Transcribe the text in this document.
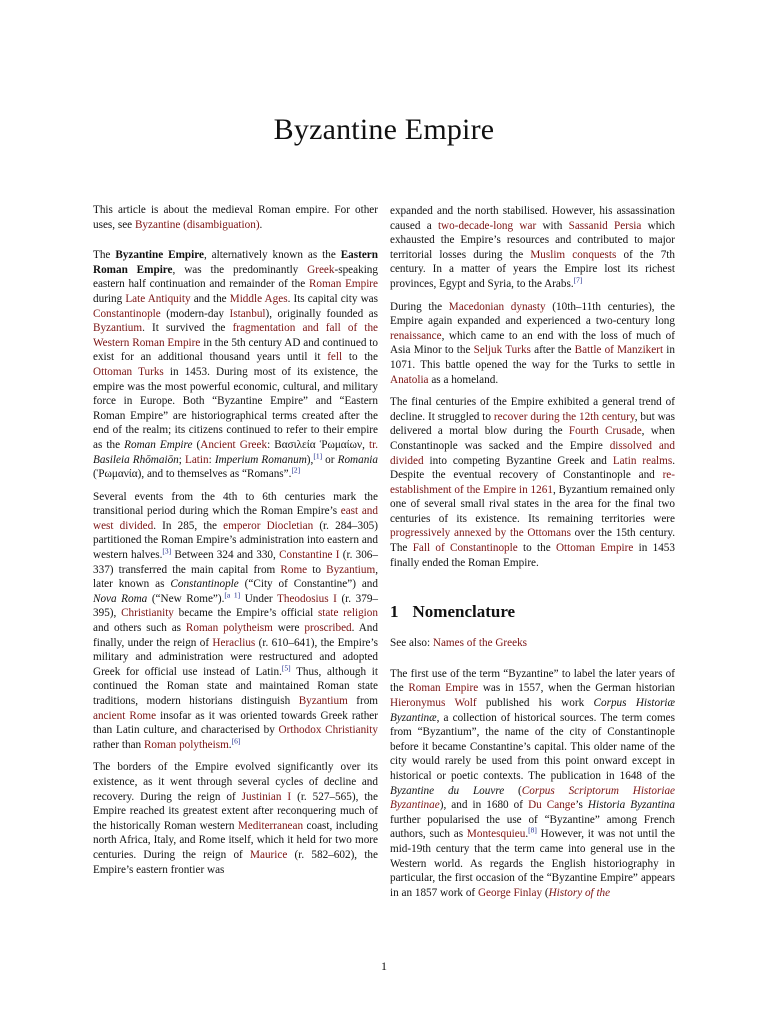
Byzantine Empire

This article is about the medieval Roman empire. For other uses, see Byzantine (disambiguation).

The Byzantine Empire, alternatively known as the Eastern Roman Empire, was the predominantly Greek-speaking eastern half continuation and remainder of the Roman Empire during Late Antiquity and the Middle Ages. Its capital city was Constantinople (modern-day Istanbul), originally founded as Byzantium. It survived the fragmentation and fall of the Western Roman Empire in the 5th century AD and continued to exist for an additional thousand years until it fell to the Ottoman Turks in 1453. During most of its existence, the empire was the most powerful economic, cultural, and military force in Europe. Both “Byzantine Empire” and “Eastern Roman Empire” are historiographical terms created after the end of the realm; its citizens continued to refer to their empire as the Roman Empire (Ancient Greek: Βασιλεία Ῥωμαίων, tr. Basileia Rhōmaiōn; Latin: Imperium Romanum),[1] or Romania (Ῥωμανία), and to themselves as “Romans”.[2]

Several events from the 4th to 6th centuries mark the transitional period during which the Roman Empire’s east and west divided. In 285, the emperor Diocletian (r. 284–305) partitioned the Roman Empire’s administration into eastern and western halves.[3] Between 324 and 330, Constantine I (r. 306–337) transferred the main capital from Rome to Byzantium, later known as Constantinople (“City of Constantine”) and Nova Roma (“New Rome”).[a 1] Under Theodosius I (r. 379–395), Christianity became the Empire’s official state religion and others such as Roman polytheism were proscribed. And finally, under the reign of Heraclius (r. 610–641), the Empire’s military and administration were restructured and adopted Greek for official use instead of Latin.[5] Thus, although it continued the Roman state and maintained Roman state traditions, modern historians distinguish Byzantium from ancient Rome insofar as it was oriented towards Greek rather than Latin culture, and characterised by Orthodox Christianity rather than Roman polytheism.[6]

The borders of the Empire evolved significantly over its existence, as it went through several cycles of decline and recovery. During the reign of Justinian I (r. 527–565), the Empire reached its greatest extent after reconquering much of the historically Roman western Mediterranean coast, including north Africa, Italy, and Rome itself, which it held for two more centuries. During the reign of Maurice (r. 582–602), the Empire’s eastern frontier was

expanded and the north stabilised. However, his assassination caused a two-decade-long war with Sassanid Persia which exhausted the Empire’s resources and contributed to major territorial losses during the Muslim conquests of the 7th century. In a matter of years the Empire lost its richest provinces, Egypt and Syria, to the Arabs.[7]

During the Macedonian dynasty (10th–11th centuries), the Empire again expanded and experienced a two-century long renaissance, which came to an end with the loss of much of Asia Minor to the Seljuk Turks after the Battle of Manzikert in 1071. This battle opened the way for the Turks to settle in Anatolia as a homeland.

The final centuries of the Empire exhibited a general trend of decline. It struggled to recover during the 12th century, but was delivered a mortal blow during the Fourth Crusade, when Constantinople was sacked and the Empire dissolved and divided into competing Byzantine Greek and Latin realms. Despite the eventual recovery of Constantinople and re-establishment of the Empire in 1261, Byzantium remained only one of several small rival states in the area for the final two centuries of its existence. Its remaining territories were progressively annexed by the Ottomans over the 15th century. The Fall of Constantinople to the Ottoman Empire in 1453 finally ended the Roman Empire.

1 Nomenclature

See also: Names of the Greeks

The first use of the term “Byzantine” to label the later years of the Roman Empire was in 1557, when the German historian Hieronymus Wolf published his work Corpus Historiæ Byzantinæ, a collection of historical sources. The term comes from “Byzantium”, the name of the city of Constantinople before it became Constantine’s capital. This older name of the city would rarely be used from this point onward except in historical or poetic contexts. The publication in 1648 of the Byzantine du Louvre (Corpus Scriptorum Historiae Byzantinae), and in 1680 of Du Cange’s Historia Byzantina further popularised the use of “Byzantine” among French authors, such as Montesquieu.[8] However, it was not until the mid-19th century that the term came into general use in the Western world. As regards the English historiography in particular, the first occasion of the “Byzantine Empire” appears in an 1857 work of George Finlay (History of the

1
